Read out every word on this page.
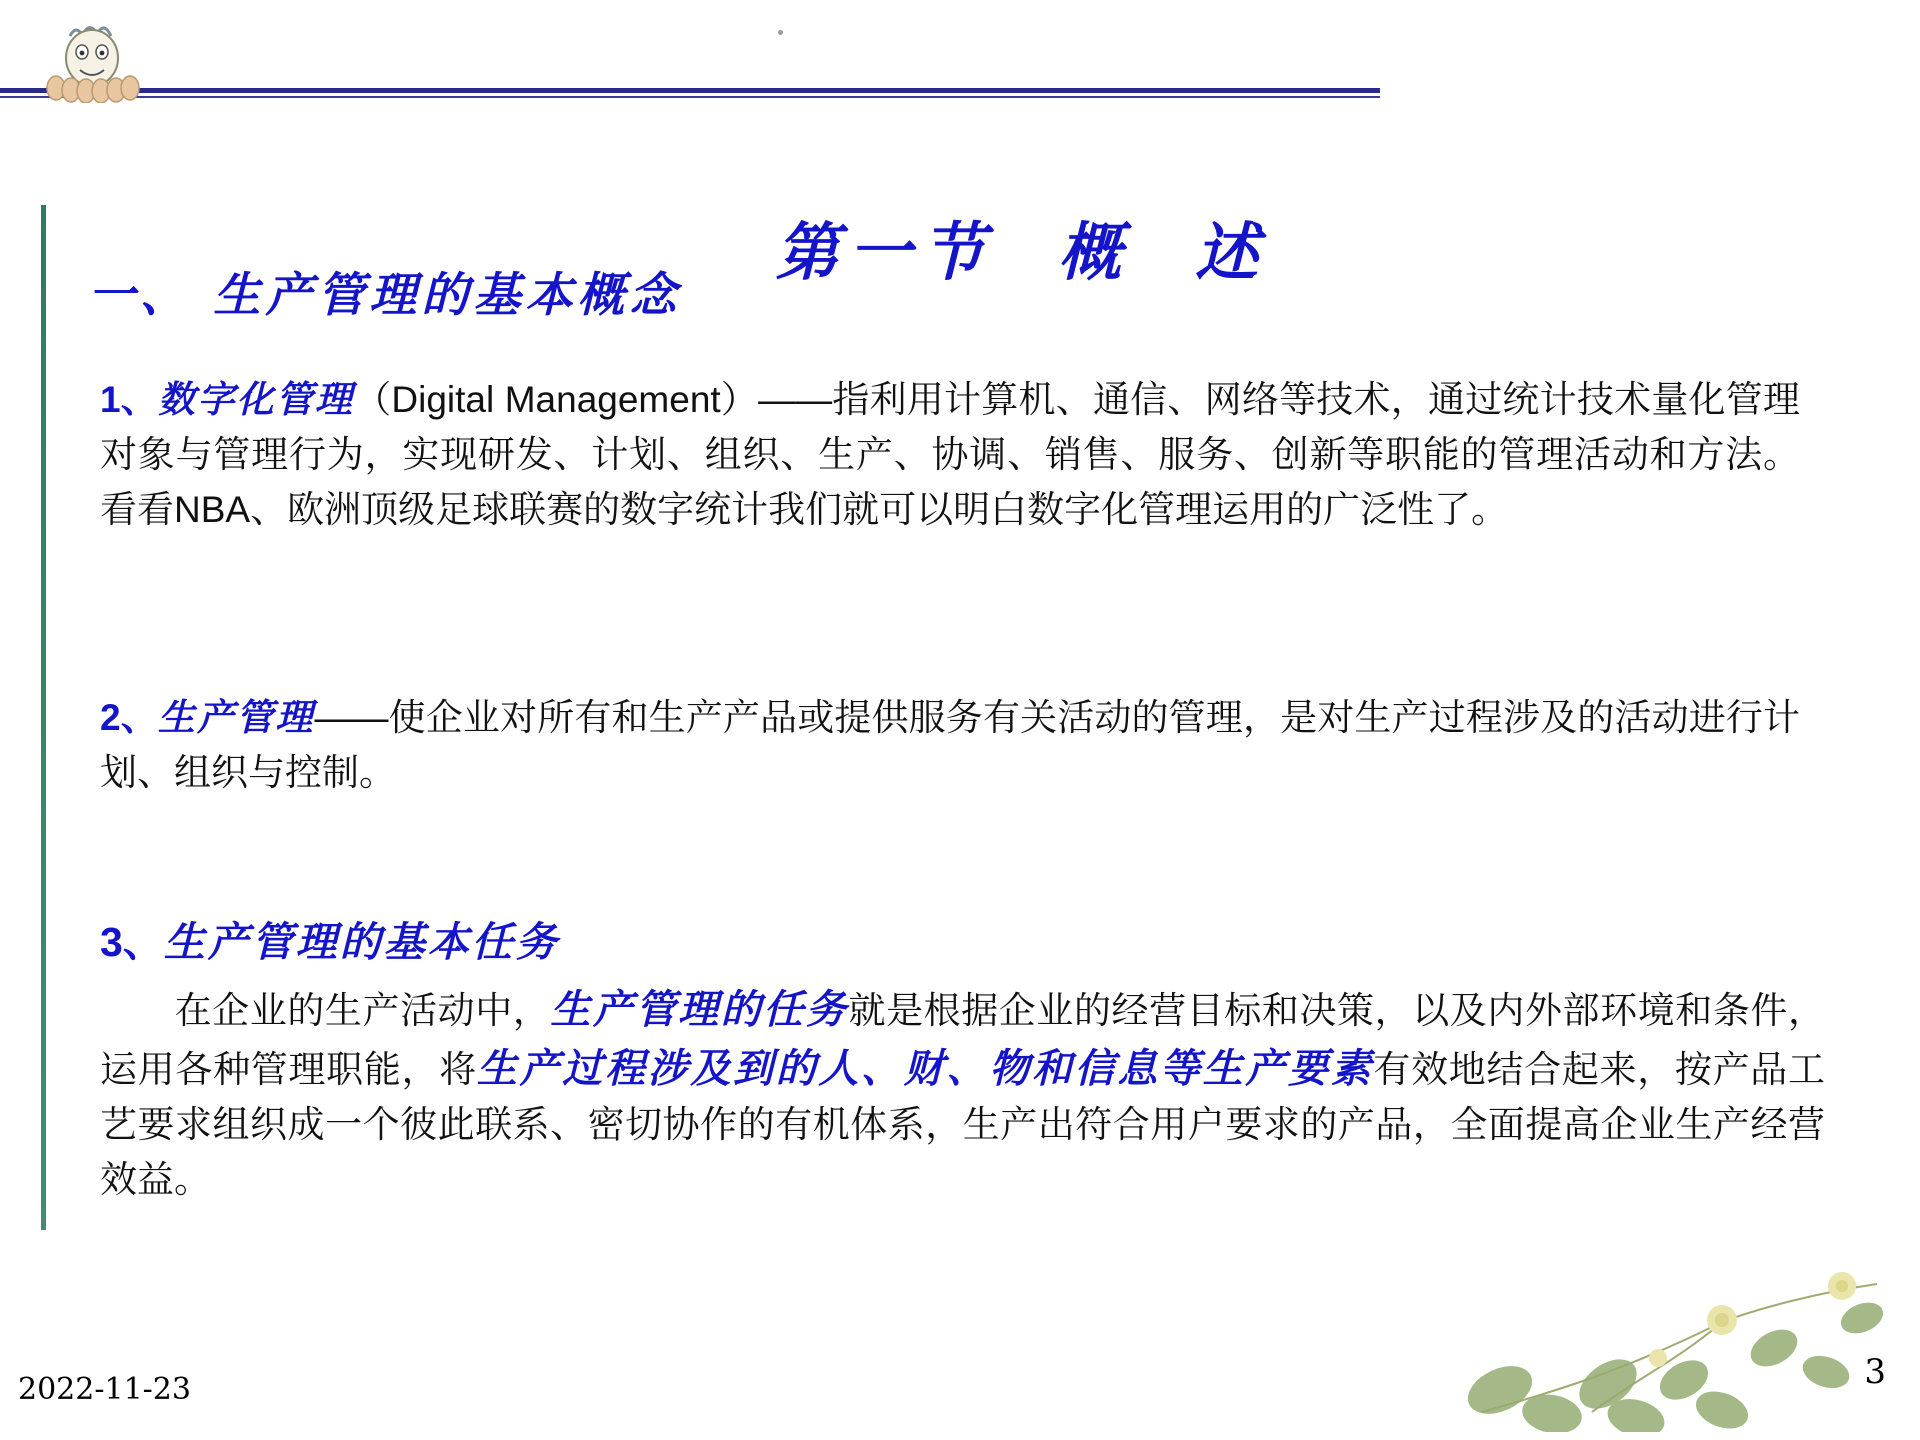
第一节  概  述

一、 生产管理的基本概念
1、数字化管理（Digital Management）——指利用计算机、通信、网络等技术，通过统计技术量化管理对象与管理行为，实现研发、计划、组织、生产、协调、销售、服务、创新等职能的管理活动和方法。看看NBA、欧洲顶级足球联赛的数字统计我们就可以明白数字化管理运用的广泛性了。
2、生产管理——使企业对所有和生产产品或提供服务有关活动的管理，是对生产过程涉及的活动进行计划、组织与控制。
3、生产管理的基本任务
在企业的生产活动中，生产管理的任务就是根据企业的经营目标和决策，以及内外部环境和条件，运用各种管理职能，将生产过程涉及到的人、财、物和信息等生产要素有效地结合起来，按产品工艺要求组织成一个彼此联系、密切协作的有机体系，生产出符合用户要求的产品，全面提高企业生产经营效益。
2022-11-23	3
